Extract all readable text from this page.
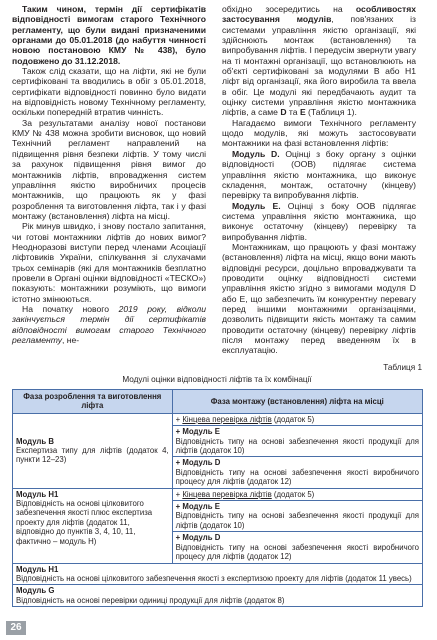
Таким чином, термін дії сертифікатів відповідності вимогам старого Технічного регламенту, що були видані призначеними органами до 05.01.2018 (до набуття чинності новою постановою КМУ № 438), було подовжено до 31.12.2018.

Також слід сказати, що на ліфти, які не були сертифіковані та вводились в обіг з 05.01.2018, сертифікати відповідності повинно було видати на відповідність новому Технічному регламенту, оскільки попередній втратив чинність.

За результатами аналізу нової постанови КМУ № 438 можна зробити висновок, що новий Технічний регламент направлений на підвищення рівня безпеки ліфтів. У тому числі за рахунок підвищення рівня вимог до монтажників ліфтів, впровадження систем управління якістю виробничих процесів монтажників, що працюють як у фазі розроблення та виготовлення ліфта, так і у фазі монтажу (встановлення) ліфта на місці.

Рік минув швидко, і знову постало запитання, чи готові монтажники ліфтів до нових вимог? Неодноразові виступи перед членами Асоціації ліфтовиків України, спілкування зі слухачами трьох семінарів (які для монтажників безплатно провели в Органі оцінки відповідності «ТЕСКО») показують: монтажники розуміють, що вимоги істотно змінюються.

На початку нового 2019 року, відколи закінчується термін дії сертифікатів відповідності вимогам старого Технічного регламенту, не-

обхідно зосередитись на особливостях застосування модулів, пов'язаних із системами управління якістю організації, які здійснюють монтаж (встановлення) та випробування ліфтів. І передусім звернути увагу на ті монтажні організації, що встановлюють на об'єкті сертифіковані за модулями В або Н1 ліфт від організації, яка його виробила та ввела в обіг. Це модулі які передбачають аудит та оцінку системи управління якістю монтажника ліфтів, а саме D та Е (Таблиця 1).

Нагадаємо вимоги Технічного регламенту щодо модулів, які можуть застосовувати монтажники на фазі встановлення ліфтів:

Модуль D. Оцінці з боку органу з оцінки відповідності (ООВ) підлягає система управління якістю монтажника, що виконує складення, монтаж, остаточну (кінцеву) перевірку та випробування ліфтів.

Модуль Е. Оцінці з боку ООВ підлягає система управління якістю монтажника, що виконує остаточну (кінцеву) перевірку та випробування ліфтів.

Монтажникам, що працюють у фазі монтажу (встановлення) ліфта на місці, якщо вони мають відповідні ресурси, доцільно впроваджувати та проводити оцінку відповідності системи управління якістю згідно з вимогами модуля D або Е, що забезпечить їм конкурентну перевагу перед іншими монтажними організаціями, дозволить підвищити якість монтажу та самим проводити остаточну (кінцеву) перевірку ліфтів після монтажу перед введенням їх в експлуатацію.

Таблиця 1
Модулі оцінки відповідності ліфтів та їх комбінації
Фаза розроблення та виготовлення ліфта	Фаза монтажу (встановлення) ліфта на місці

Модуль В
Експертиза типу для ліфтів (додаток 4, пункти 12–23)	+ Кінцева перевірка ліфтів (додаток 5)

	+ Модуль Е
Відповідність типу на основі забезпечення якості продукції для ліфтів (додаток 10)

	+ Модуль D
Відповідність типу на основі забезпечення якості виробничого процесу для ліфтів (додаток 12)

Модуль Н1
Відповідність на основі цілковитого забезпечення якості плюс експертиза проекту для ліфтів (додаток 11, відповідно до пунктів 3, 4, 10, 11, фактично – модуль Н)	+ Кінцева перевірка ліфтів (додаток 5)

	+ Модуль Е
Відповідність типу на основі забезпечення якості продукції для ліфтів (додаток 10)

	+ Модуль D
Відповідність типу на основі забезпечення якості виробничого процесу для ліфтів (додаток 12)

Модуль Н1
Відповідність на основі цілковитого забезпечення якості з експертизою проекту для ліфтів (додаток 11 увесь)	

Модуль G
Відповідність на основі перевірки одиниці продукції для ліфтів (додаток 8)	
26
